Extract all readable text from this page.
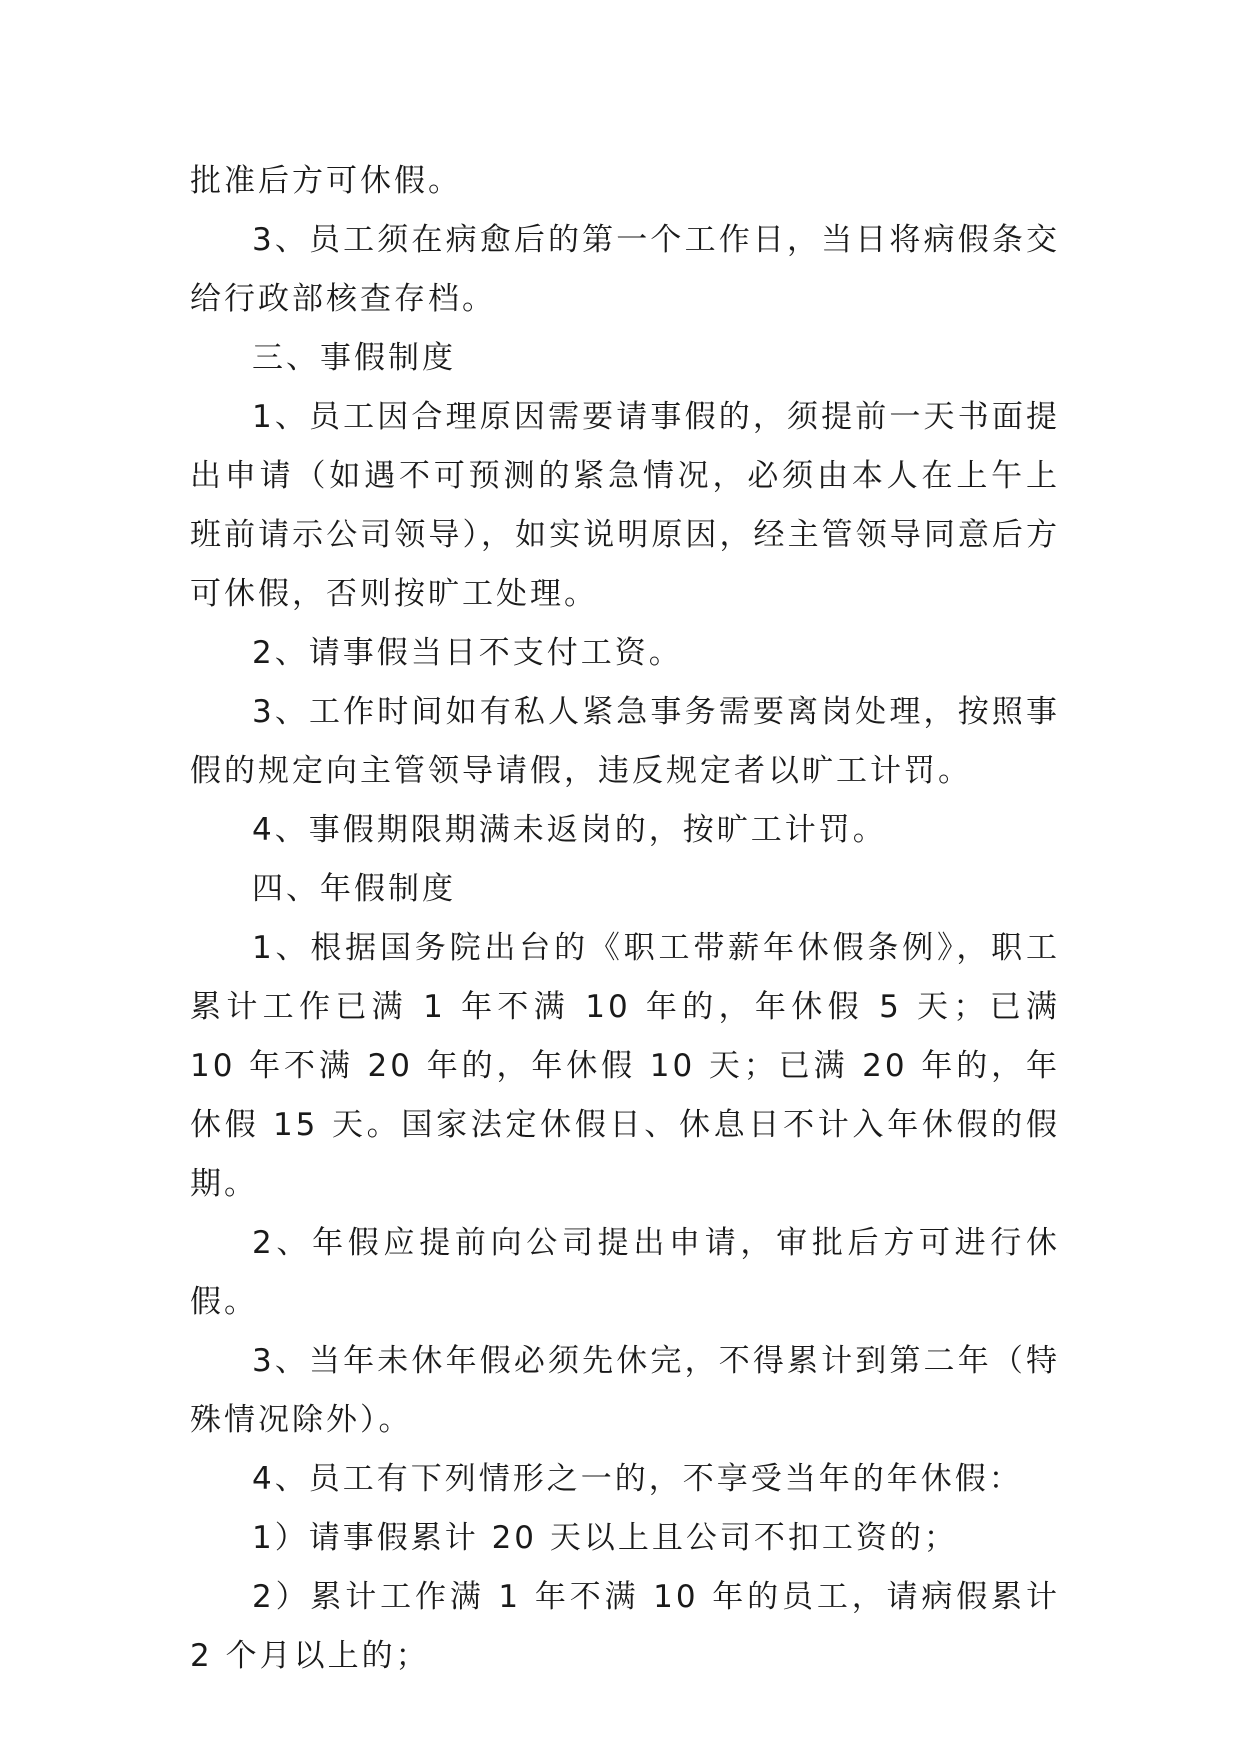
批准后方可休假。

3、员工须在病愈后的第一个工作日，当日将病假条交给行政部核查存档。

三、事假制度

1、员工因合理原因需要请事假的，须提前一天书面提出申请（如遇不可预测的紧急情况，必须由本人在上午上班前请示公司领导），如实说明原因，经主管领导同意后方可休假，否则按旷工处理。

2、请事假当日不支付工资。

3、工作时间如有私人紧急事务需要离岗处理，按照事假的规定向主管领导请假，违反规定者以旷工计罚。

4、事假期限期满未返岗的，按旷工计罚。

四、年假制度

1、根据国务院出台的《职工带薪年休假条例》，职工累计工作已满 1 年不满 10 年的，年休假 5 天；已满 10 年不满 20 年的，年休假 10 天；已满 20 年的，年休假 15 天。国家法定休假日、休息日不计入年休假的假期。

2、年假应提前向公司提出申请，审批后方可进行休假。

3、当年未休年假必须先休完，不得累计到第二年（特殊情况除外）。

4、员工有下列情形之一的，不享受当年的年休假：

1）请事假累计 20 天以上且公司不扣工资的；

2）累计工作满 1 年不满 10 年的员工，请病假累计 2 个月以上的；
